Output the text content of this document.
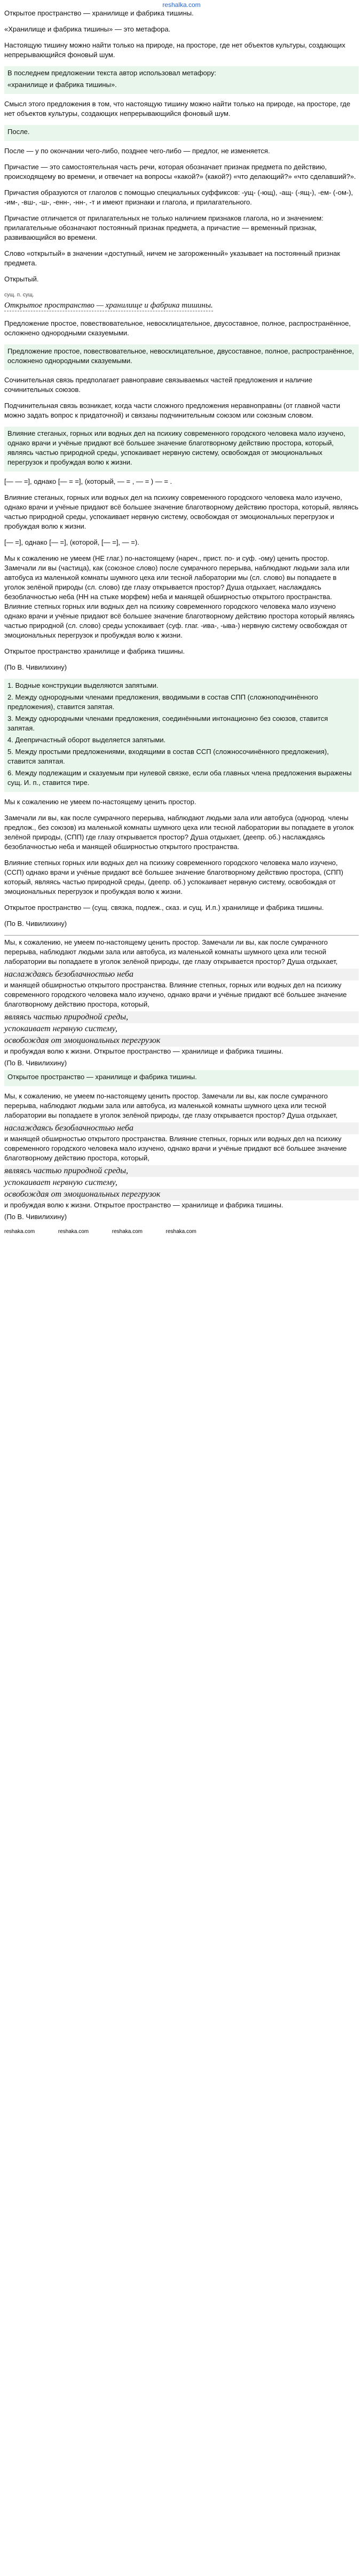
reshalka.com

Открытое пространство — хранилище и фабрика тишины.

«Хранилище и фабрика тишины» — это метафора.

Настоящую тишину можно найти только на природе, на просторе, где нет объектов культуры, создающих непрерывающийся фоновый шум.

В последнем предложении текста автор использовал метафору:

«хранилище и фабрика тишины».

Смысл этого предложения в том, что настоящую тишину можно найти только на природе, на просторе, где нет объектов культуры, создающих непрерывающийся фоновый шум.

После.

После — у по окончании чего-либо, позднее чего-либо — предлог, не изменяется.

Причастие — это самостоятельная часть речи, которая обозначает признак предмета по действию, происходящему во времени, и отвечает на вопросы «какой?» (какой?) «что делающий?» «что сделавший?».

Причастия образуются от глаголов с помощью специальных суффиксов: -ущ- (-ющ), -ащ- (-ящ-), -ем- (-ом-), -им-, -вш-, -ш-, -енн-, -нн-, -т и имеют признаки и глагола, и прилагательного.

Причастие отличается от прилагательных не только наличием признаков глагола, но и значением: прилагательные обозначают постоянный признак предмета, а причастие — временный признак, развивающийся во времени.

Слово «открытый» в значении «доступный, ничем не загороженный» указывает на постоянный признак предмета.

Открытый.

сущ. п. сущ.
Открытое пространство — хранилище и фабрика тишины.

Предложение простое, повествовательное, невосклицательное, двусоставное, полное, распространённое, осложнено однородными сказуемыми.

Предложение простое, повествовательное, невосклицательное, двусоставное, полное, распространённое, осложнено однородными сказуемыми.

Сочинительная связь предполагает равноправие связываемых частей предложения и наличие сочинительных союзов.

Подчинительная связь возникает, когда части сложного предложения неравноправны (от главной части можно задать вопрос к придаточной) и связаны подчинительным союзом или союзным словом.

Влияние стеганых, горных или водных дел на психику современного городского человека мало изучено, однако врачи и учёные придают всё большее значение благотворному действию простора, который, являясь частью природной среды, успокаивает нервную систему, освобождая от эмоциональных перегрузок и пробуждая волю к жизни.

[— — =], однако [— = =], (который, — = , — = ) — = .

Влияние стеганых, горных или водных дел на психику современного городского человека мало изучено, однако врачи и учёные придают всё большее значение благотворному действию простора, который, являясь частью природной среды, успокаивает нервную систему, освобождая от эмоциональных перегрузок и пробуждая волю к жизни.

[— =], однако [— =], (которой, [— =], — =).

Мы к сожалению не умеем (НЕ глаг.) по-настоящему (нареч., прист. по- и суф. -ому) ценить простор. Замечали ли вы (частица), как (союзное слово) после сумрачного перерыва, наблюдают людьми зала или автобуса из маленькой комнаты шумного цеха или тесной лаборатории мы (сл. слово) вы попадаете в уголок зелёной природы (сл. слово) где глазу открывается простор? Душа отдыхает, наслаждаясь безоблачностью неба (НН на стыке морфем) неба и манящей обширностью открытого пространства. Влияние степных горных или водных дел на психику современного городского человека мало изучено однако врачи и учёные придают всё большее значение благотворному действию простора который являясь частью природной (сл. слово) среды успокаивает (суф. глаг. -ива-, -ыва-) нервную систему освобождая от эмоциональных перегрузок и пробуждая волю к жизни.

Открытое пространство хранилище и фабрика тишины.

(По В. Чивилихину)

1. Водные конструкции выделяются запятыми.

2. Между однородными членами предложения, вводимыми в состав СПП (сложноподчинённого предложения), ставится запятая.

3. Между однородными членами предложения, соединёнными интонационно без союзов, ставится запятая.

4. Деепричастный оборот выделяется запятыми.

5. Между простыми предложениями, входящими в состав ССП (сложносочинённого предложения), ставится запятая.

6. Между подлежащим и сказуемым при нулевой связке, если оба главных члена предложения выражены сущ. И. п., ставится тире.

Мы к сожалению не умеем по-настоящему ценить простор.

Замечали ли вы, как после сумрачного перерыва, наблюдают людьми зала или автобуса (однород. члены предлож., без союзов) из маленькой комнаты шумного цеха или тесной лаборатории вы попадаете в уголок зелёной природы, (СПП) где глазу открывается простор? Душа отдыхает, (деепр. об.) наслаждаясь безоблачностью неба и манящей обширностью открытого пространства.

Влияние степных горных или водных дел на психику современного городского человека мало изучено, (ССП) однако врачи и учёные придают всё большее значение благотворному действию простора, (СПП) который, являясь частью природной среды, (деепр. об.) успокаивает нервную систему, освобождая от эмоциональных перегрузок и пробуждая волю к жизни.

Открытое пространство — (сущ. связка, подлеж., сказ. и сущ. И.п.) хранилище и фабрика тишины.

(По В. Чивилихину)

Мы, к сожалению, не умеем по-настоящему ценить простор. Замечали ли вы, как после сумрачного перерыва, наблюдают людьми зала или автобуса, из маленькой комнаты шумного цеха или тесной лаборатории вы попадаете в уголок зелёной природы, где глазу открывается простор? Душа отдыхает,

наслаждаясь безоблачностью неба

и манящей обширностью открытого пространства. Влияние степных, горных или водных дел на психику современного городского человека мало изучено, однако врачи и учёные придают всё большее значение благотворному действию простора, который,

являясь частью природной среды,
успокаивает нервную систему,
освобождая от эмоциональных перегрузок

и пробуждая волю к жизни. Открытое пространство — хранилище и фабрика тишины.

(По В. Чивилихину)

Открытое пространство — хранилище и фабрика тишины.

Мы, к сожалению, не умеем по-настоящему ценить простор. Замечали ли вы, как после сумрачного перерыва, наблюдают людьми зала или автобуса, из маленькой комнаты шумного цеха или тесной лаборатории вы попадаете в уголок зелёной природы, где глазу открывается простор? Душа отдыхает,

наслаждаясь безоблачностью неба

и манящей обширностью открытого пространства. Влияние степных, горных или водных дел на психику современного городского человека мало изучено, однако врачи и учёные придают всё большее значение благотворному действию простора, который,

являясь частью природной среды,
успокаивает нервную систему,
освобождая от эмоциональных перегрузок

и пробуждая волю к жизни. Открытое пространство — хранилище и фабрика тишины.

(По В. Чивилихину)

reshaka.com	reshaka.com	reshaka.com	reshaka.com
